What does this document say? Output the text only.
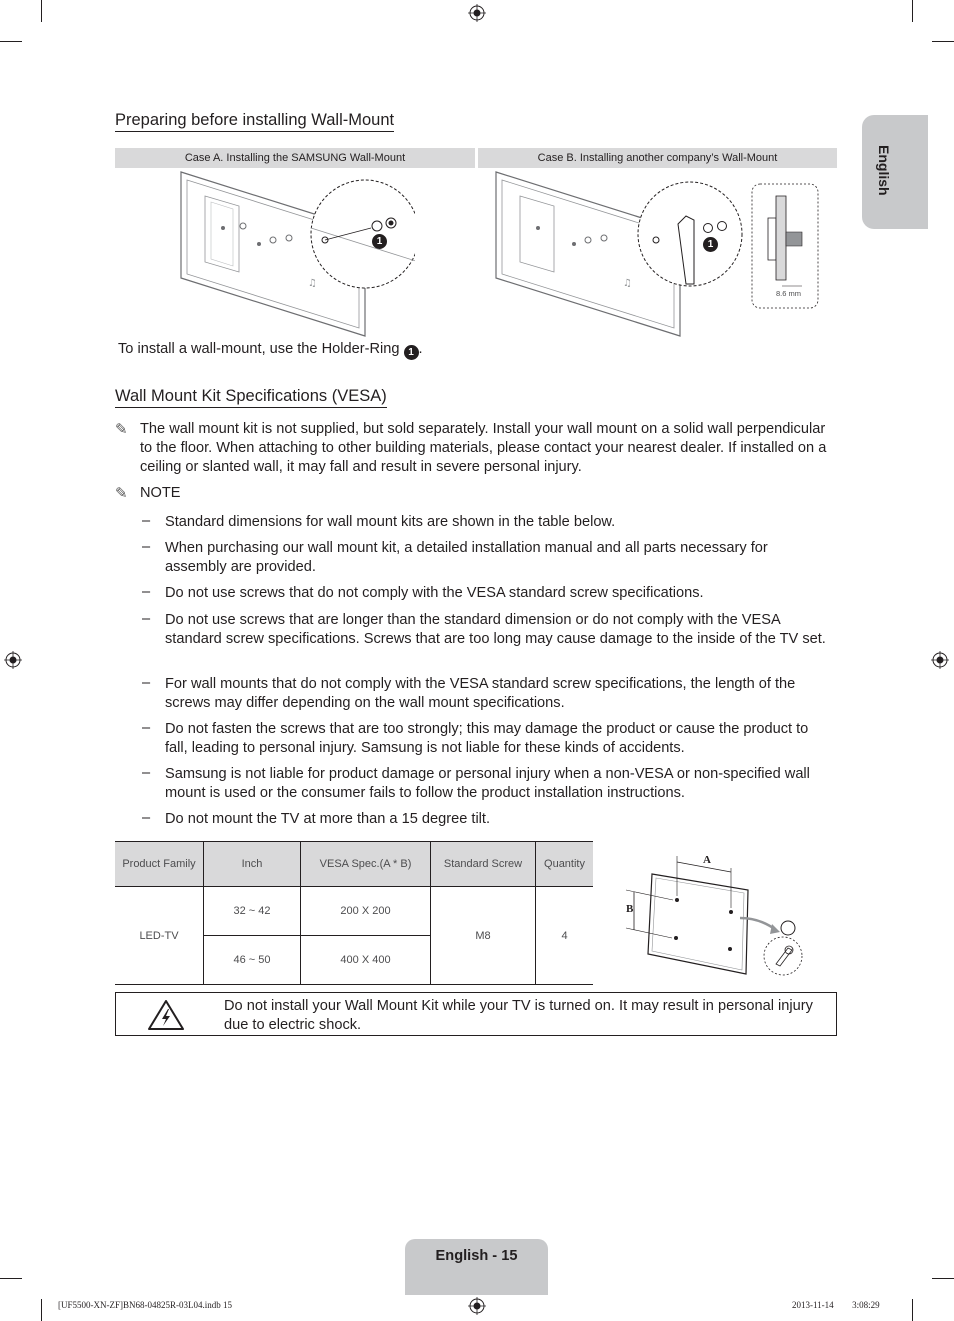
English
Preparing before installing Wall-Mount
Case A. Installing the SAMSUNG Wall-Mount	Case B. Installing another company’s Wall-Mount
♫
1
♫
1
8.6 mm
To install a wall-mount, use the Holder-Ring 1 .
Wall Mount Kit Specifications (VESA)
✎ The wall mount kit is not supplied, but sold separately. Install your wall mount on a solid wall perpendicular to the floor. When attaching to other building materials, please contact your nearest dealer. If installed on a ceiling or slanted wall, it may fall and result in severe personal injury.
✎ NOTE
– Standard dimensions for wall mount kits are shown in the table below.
– When purchasing our wall mount kit, a detailed installation manual and all parts necessary for assembly are provided.
– Do not use screws that do not comply with the VESA standard screw specifications.
– Do not use screws that are longer than the standard dimension or do not comply with the VESA standard screw specifications. Screws that are too long may cause damage to the inside of the TV set.
– For wall mounts that do not comply with the VESA standard screw specifications, the length of the screws may differ depending on the wall mount specifications.
– Do not fasten the screws that are too strongly; this may damage the product or cause the product to fall, leading to personal injury. Samsung is not liable for these kinds of accidents.
– Samsung is not liable for product damage or personal injury when a non-VESA or non-specified wall mount is used or the consumer fails to follow the product installation instructions.
– Do not mount the TV at more than a 15 degree tilt.
Product Family	Inch	VESA Spec.(A * B)	Standard Screw	Quantity
LED-TV	32 ~ 42	200 X 200	M8	4
	46 ~ 50	400 X 400		
A
B
Do not install your Wall Mount Kit while your TV is turned on. It may result in personal injury due to electric shock.
English - 15
[UF5500-XN-ZF]BN68-04825R-03L04.indb 15	2013-11-14 ￿￿ 3:08:29
